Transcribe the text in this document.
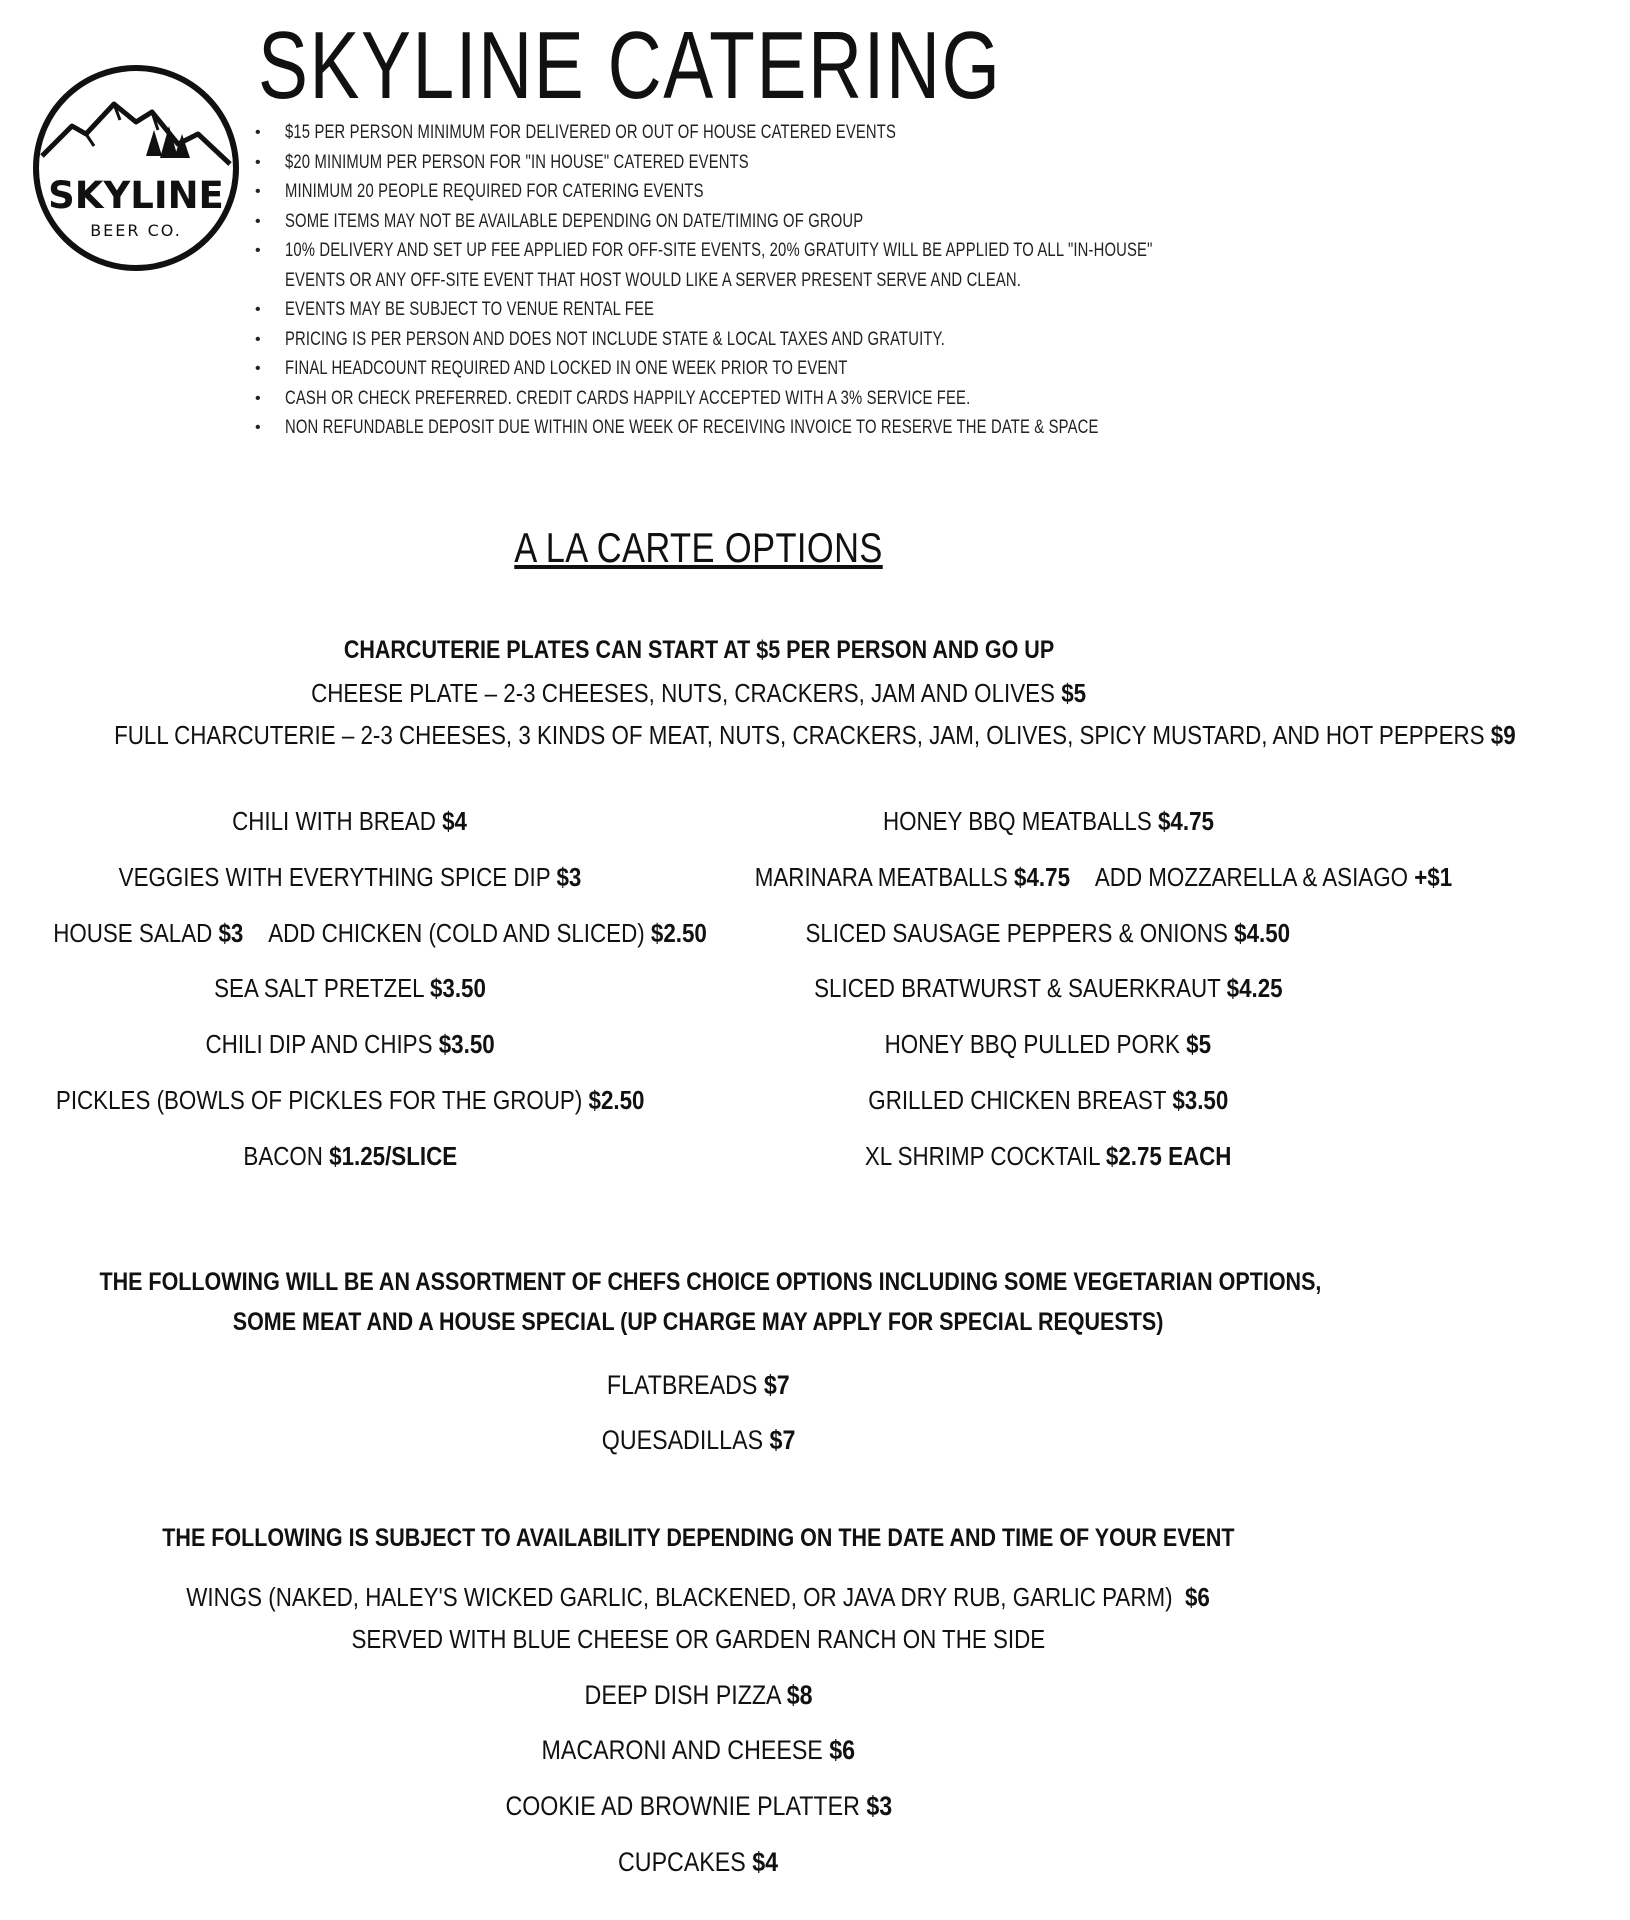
SKYLINE
BEER CO.
SKYLINE CATERING
• $15 PER PERSON MINIMUM FOR DELIVERED OR OUT OF HOUSE CATERED EVENTS
• $20 MINIMUM PER PERSON FOR "IN HOUSE" CATERED EVENTS
• MINIMUM 20 PEOPLE REQUIRED FOR CATERING EVENTS
• SOME ITEMS MAY NOT BE AVAILABLE DEPENDING ON DATE/TIMING OF GROUP
• 10% DELIVERY AND SET UP FEE APPLIED FOR OFF-SITE EVENTS, 20% GRATUITY WILL BE APPLIED TO ALL "IN-HOUSE"
EVENTS OR ANY OFF-SITE EVENT THAT HOST WOULD LIKE A SERVER PRESENT SERVE AND CLEAN.
• EVENTS MAY BE SUBJECT TO VENUE RENTAL FEE
• PRICING IS PER PERSON AND DOES NOT INCLUDE STATE & LOCAL TAXES AND GRATUITY.
• FINAL HEADCOUNT REQUIRED AND LOCKED IN ONE WEEK PRIOR TO EVENT
• CASH OR CHECK PREFERRED. CREDIT CARDS HAPPILY ACCEPTED WITH A 3% SERVICE FEE.
• NON REFUNDABLE DEPOSIT DUE WITHIN ONE WEEK OF RECEIVING INVOICE TO RESERVE THE DATE & SPACE
A LA CARTE OPTIONS
CHARCUTERIE PLATES CAN START AT $5 PER PERSON AND GO UP
CHEESE PLATE – 2-3 CHEESES, NUTS, CRACKERS, JAM AND OLIVES $5
FULL CHARCUTERIE – 2-3 CHEESES, 3 KINDS OF MEAT, NUTS, CRACKERS, JAM, OLIVES, SPICY MUSTARD, AND HOT PEPPERS $9
CHILI WITH BREAD $4
VEGGIES WITH EVERYTHING SPICE DIP $3
HOUSE SALAD $3 ADD CHICKEN (COLD AND SLICED) $2.50
SEA SALT PRETZEL $3.50
CHILI DIP AND CHIPS $3.50
PICKLES (BOWLS OF PICKLES FOR THE GROUP) $2.50
BACON $1.25/SLICE
HONEY BBQ MEATBALLS $4.75
MARINARA MEATBALLS $4.75 ADD MOZZARELLA & ASIAGO +$1
SLICED SAUSAGE PEPPERS & ONIONS $4.50
SLICED BRATWURST & SAUERKRAUT $4.25
HONEY BBQ PULLED PORK $5
GRILLED CHICKEN BREAST $3.50
XL SHRIMP COCKTAIL $2.75 EACH
THE FOLLOWING WILL BE AN ASSORTMENT OF CHEFS CHOICE OPTIONS INCLUDING SOME VEGETARIAN OPTIONS,
SOME MEAT AND A HOUSE SPECIAL (UP CHARGE MAY APPLY FOR SPECIAL REQUESTS)
FLATBREADS $7
QUESADILLAS $7
THE FOLLOWING IS SUBJECT TO AVAILABILITY DEPENDING ON THE DATE AND TIME OF YOUR EVENT
WINGS (NAKED, HALEY'S WICKED GARLIC, BLACKENED, OR JAVA DRY RUB, GARLIC PARM) $6
SERVED WITH BLUE CHEESE OR GARDEN RANCH ON THE SIDE
DEEP DISH PIZZA $8
MACARONI AND CHEESE $6
COOKIE AD BROWNIE PLATTER $3
CUPCAKES $4
